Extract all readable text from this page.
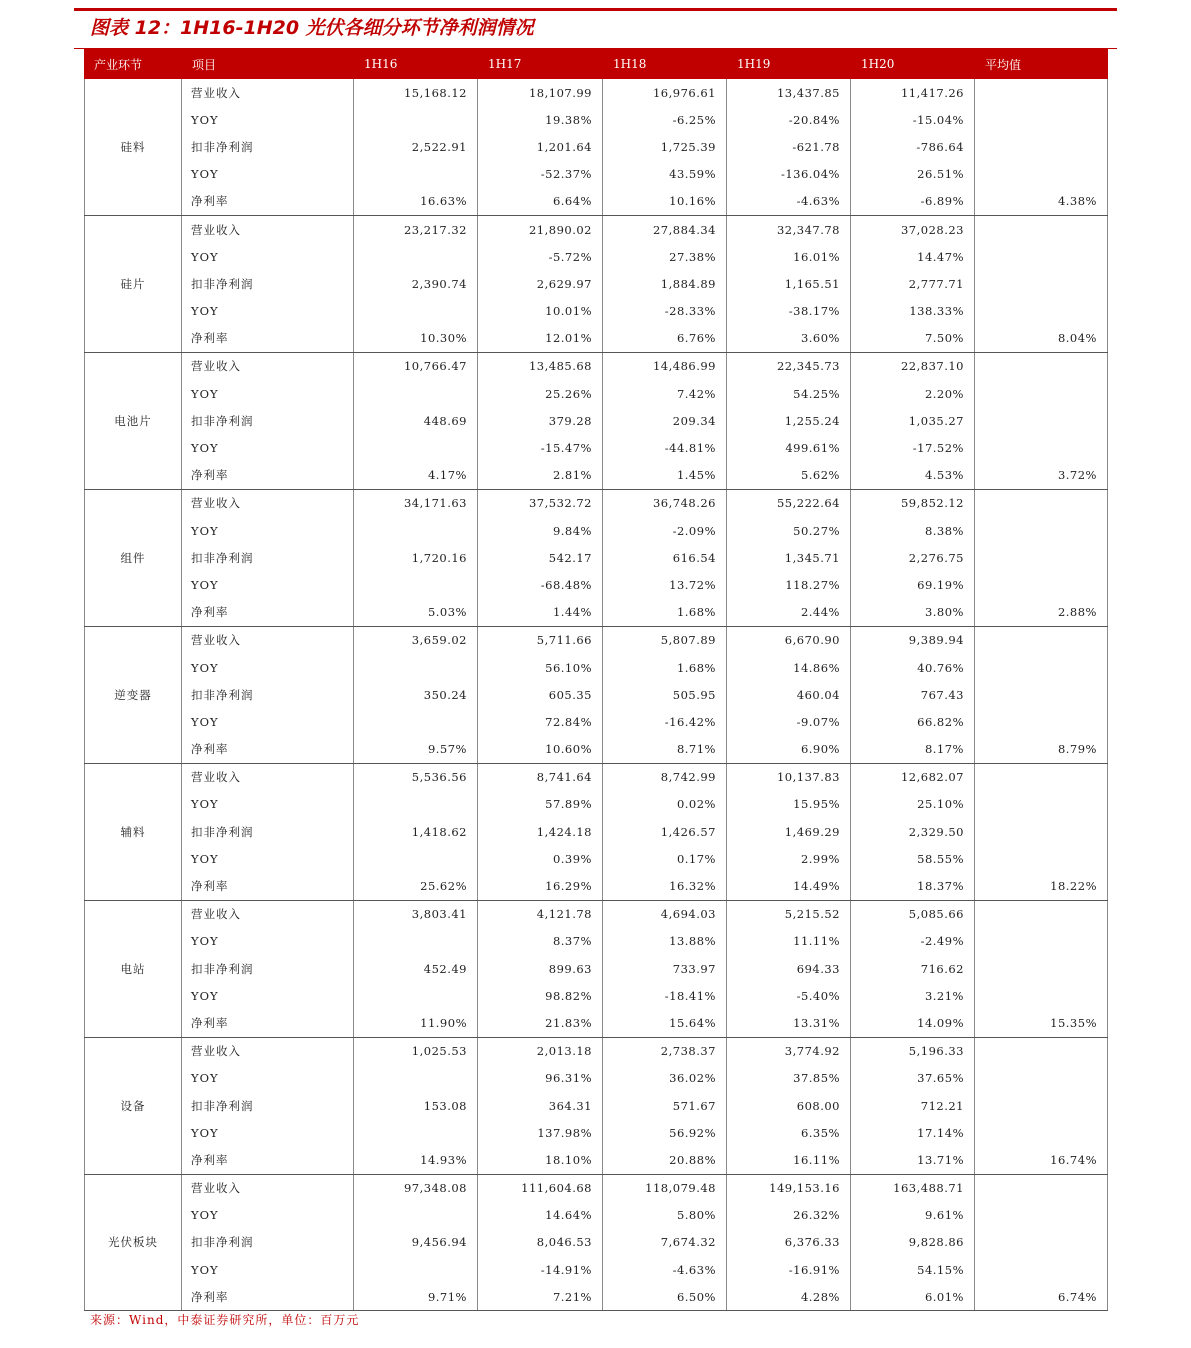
图表 12：1H16-1H20 光伏各细分环节净利润情况
产业环节	项目	1H16	1H17	1H18	1H19	1H20	平均值
硅料	营业收入	15,168.12	18,107.99	16,976.61	13,437.85	11,417.26	
	YOY		19.38%	-6.25%	-20.84%	-15.04%	
	扣非净利润	2,522.91	1,201.64	1,725.39	-621.78	-786.64	
	YOY		-52.37%	43.59%	-136.04%	26.51%	
	净利率	16.63%	6.64%	10.16%	-4.63%	-6.89%	4.38%
硅片	营业收入	23,217.32	21,890.02	27,884.34	32,347.78	37,028.23	
	YOY		-5.72%	27.38%	16.01%	14.47%	
	扣非净利润	2,390.74	2,629.97	1,884.89	1,165.51	2,777.71	
	YOY		10.01%	-28.33%	-38.17%	138.33%	
	净利率	10.30%	12.01%	6.76%	3.60%	7.50%	8.04%
电池片	营业收入	10,766.47	13,485.68	14,486.99	22,345.73	22,837.10	
	YOY		25.26%	7.42%	54.25%	2.20%	
	扣非净利润	448.69	379.28	209.34	1,255.24	1,035.27	
	YOY		-15.47%	-44.81%	499.61%	-17.52%	
	净利率	4.17%	2.81%	1.45%	5.62%	4.53%	3.72%
组件	营业收入	34,171.63	37,532.72	36,748.26	55,222.64	59,852.12	
	YOY		9.84%	-2.09%	50.27%	8.38%	
	扣非净利润	1,720.16	542.17	616.54	1,345.71	2,276.75	
	YOY		-68.48%	13.72%	118.27%	69.19%	
	净利率	5.03%	1.44%	1.68%	2.44%	3.80%	2.88%
逆变器	营业收入	3,659.02	5,711.66	5,807.89	6,670.90	9,389.94	
	YOY		56.10%	1.68%	14.86%	40.76%	
	扣非净利润	350.24	605.35	505.95	460.04	767.43	
	YOY		72.84%	-16.42%	-9.07%	66.82%	
	净利率	9.57%	10.60%	8.71%	6.90%	8.17%	8.79%
辅料	营业收入	5,536.56	8,741.64	8,742.99	10,137.83	12,682.07	
	YOY		57.89%	0.02%	15.95%	25.10%	
	扣非净利润	1,418.62	1,424.18	1,426.57	1,469.29	2,329.50	
	YOY		0.39%	0.17%	2.99%	58.55%	
	净利率	25.62%	16.29%	16.32%	14.49%	18.37%	18.22%
电站	营业收入	3,803.41	4,121.78	4,694.03	5,215.52	5,085.66	
	YOY		8.37%	13.88%	11.11%	-2.49%	
	扣非净利润	452.49	899.63	733.97	694.33	716.62	
	YOY		98.82%	-18.41%	-5.40%	3.21%	
	净利率	11.90%	21.83%	15.64%	13.31%	14.09%	15.35%
设备	营业收入	1,025.53	2,013.18	2,738.37	3,774.92	5,196.33	
	YOY		96.31%	36.02%	37.85%	37.65%	
	扣非净利润	153.08	364.31	571.67	608.00	712.21	
	YOY		137.98%	56.92%	6.35%	17.14%	
	净利率	14.93%	18.10%	20.88%	16.11%	13.71%	16.74%
光伏板块	营业收入	97,348.08	111,604.68	118,079.48	149,153.16	163,488.71	
	YOY		14.64%	5.80%	26.32%	9.61%	
	扣非净利润	9,456.94	8,046.53	7,674.32	6,376.33	9,828.86	
	YOY		-14.91%	-4.63%	-16.91%	54.15%	
	净利率	9.71%	7.21%	6.50%	4.28%	6.01%	6.74%
来源：Wind，中泰证券研究所，单位：百万元
